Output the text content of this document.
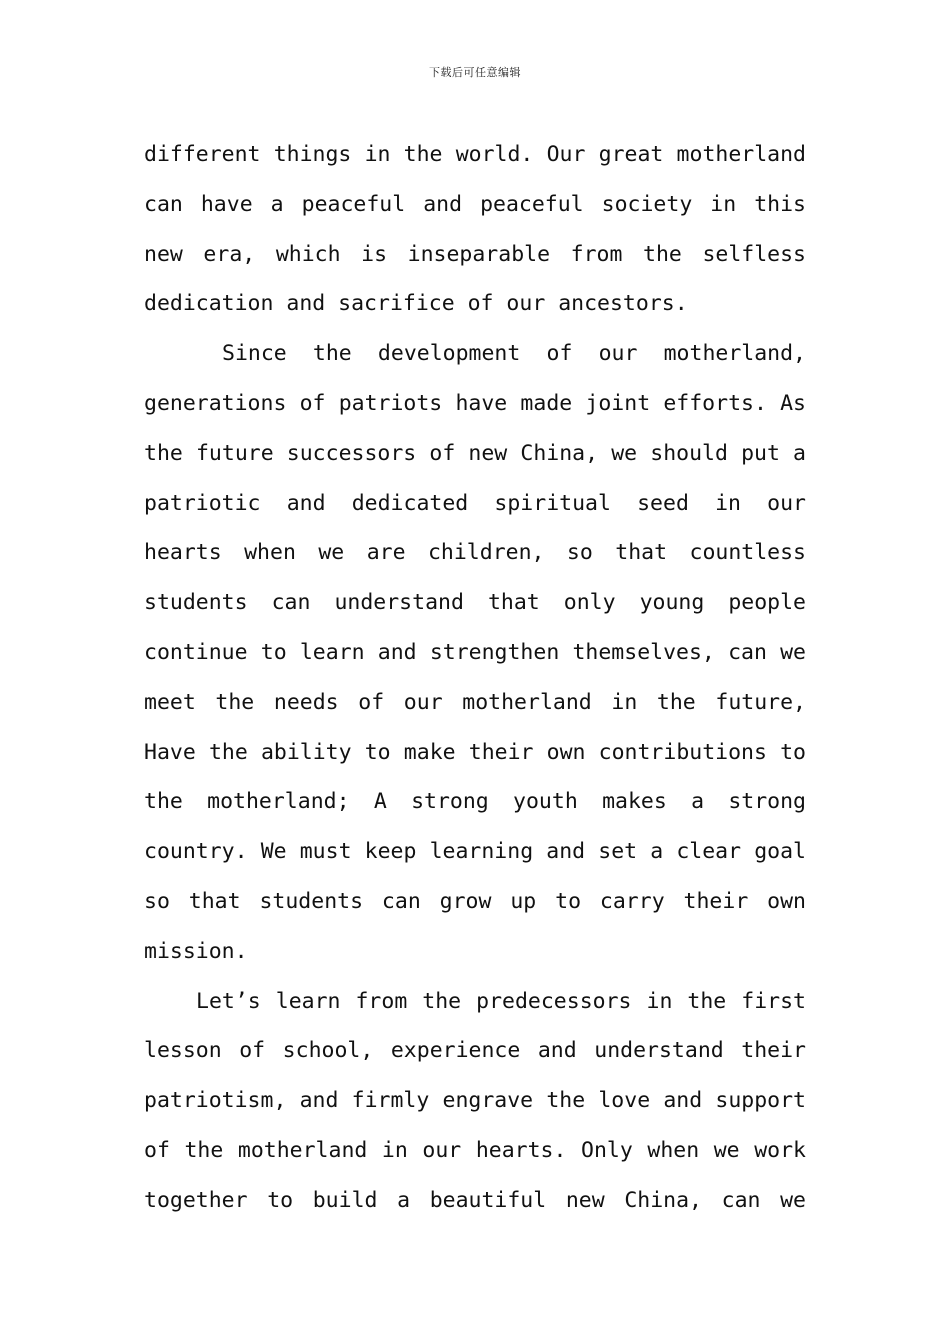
下载后可任意编辑
different things in the world. Our great motherland
can have a peaceful and peaceful society in this
new era, which is inseparable from the selfless
dedication and sacrifice of our ancestors.
Since the development of our motherland,
generations of patriots have made joint efforts. As
the future successors of new China, we should put a
patriotic and dedicated spiritual seed in our
hearts when we are children, so that countless
students can understand that only young people
continue to learn and strengthen themselves, can we
meet the needs of our motherland in the future,
Have the ability to make their own contributions to
the motherland; A strong youth makes a strong
country. We must keep learning and set a clear goal
so that students can grow up to carry their own
mission.
Let’s learn from the predecessors in the first
lesson of school, experience and understand their
patriotism, and firmly engrave the love and support
of the motherland in our hearts. Only when we work
together to build a beautiful new China, can we
